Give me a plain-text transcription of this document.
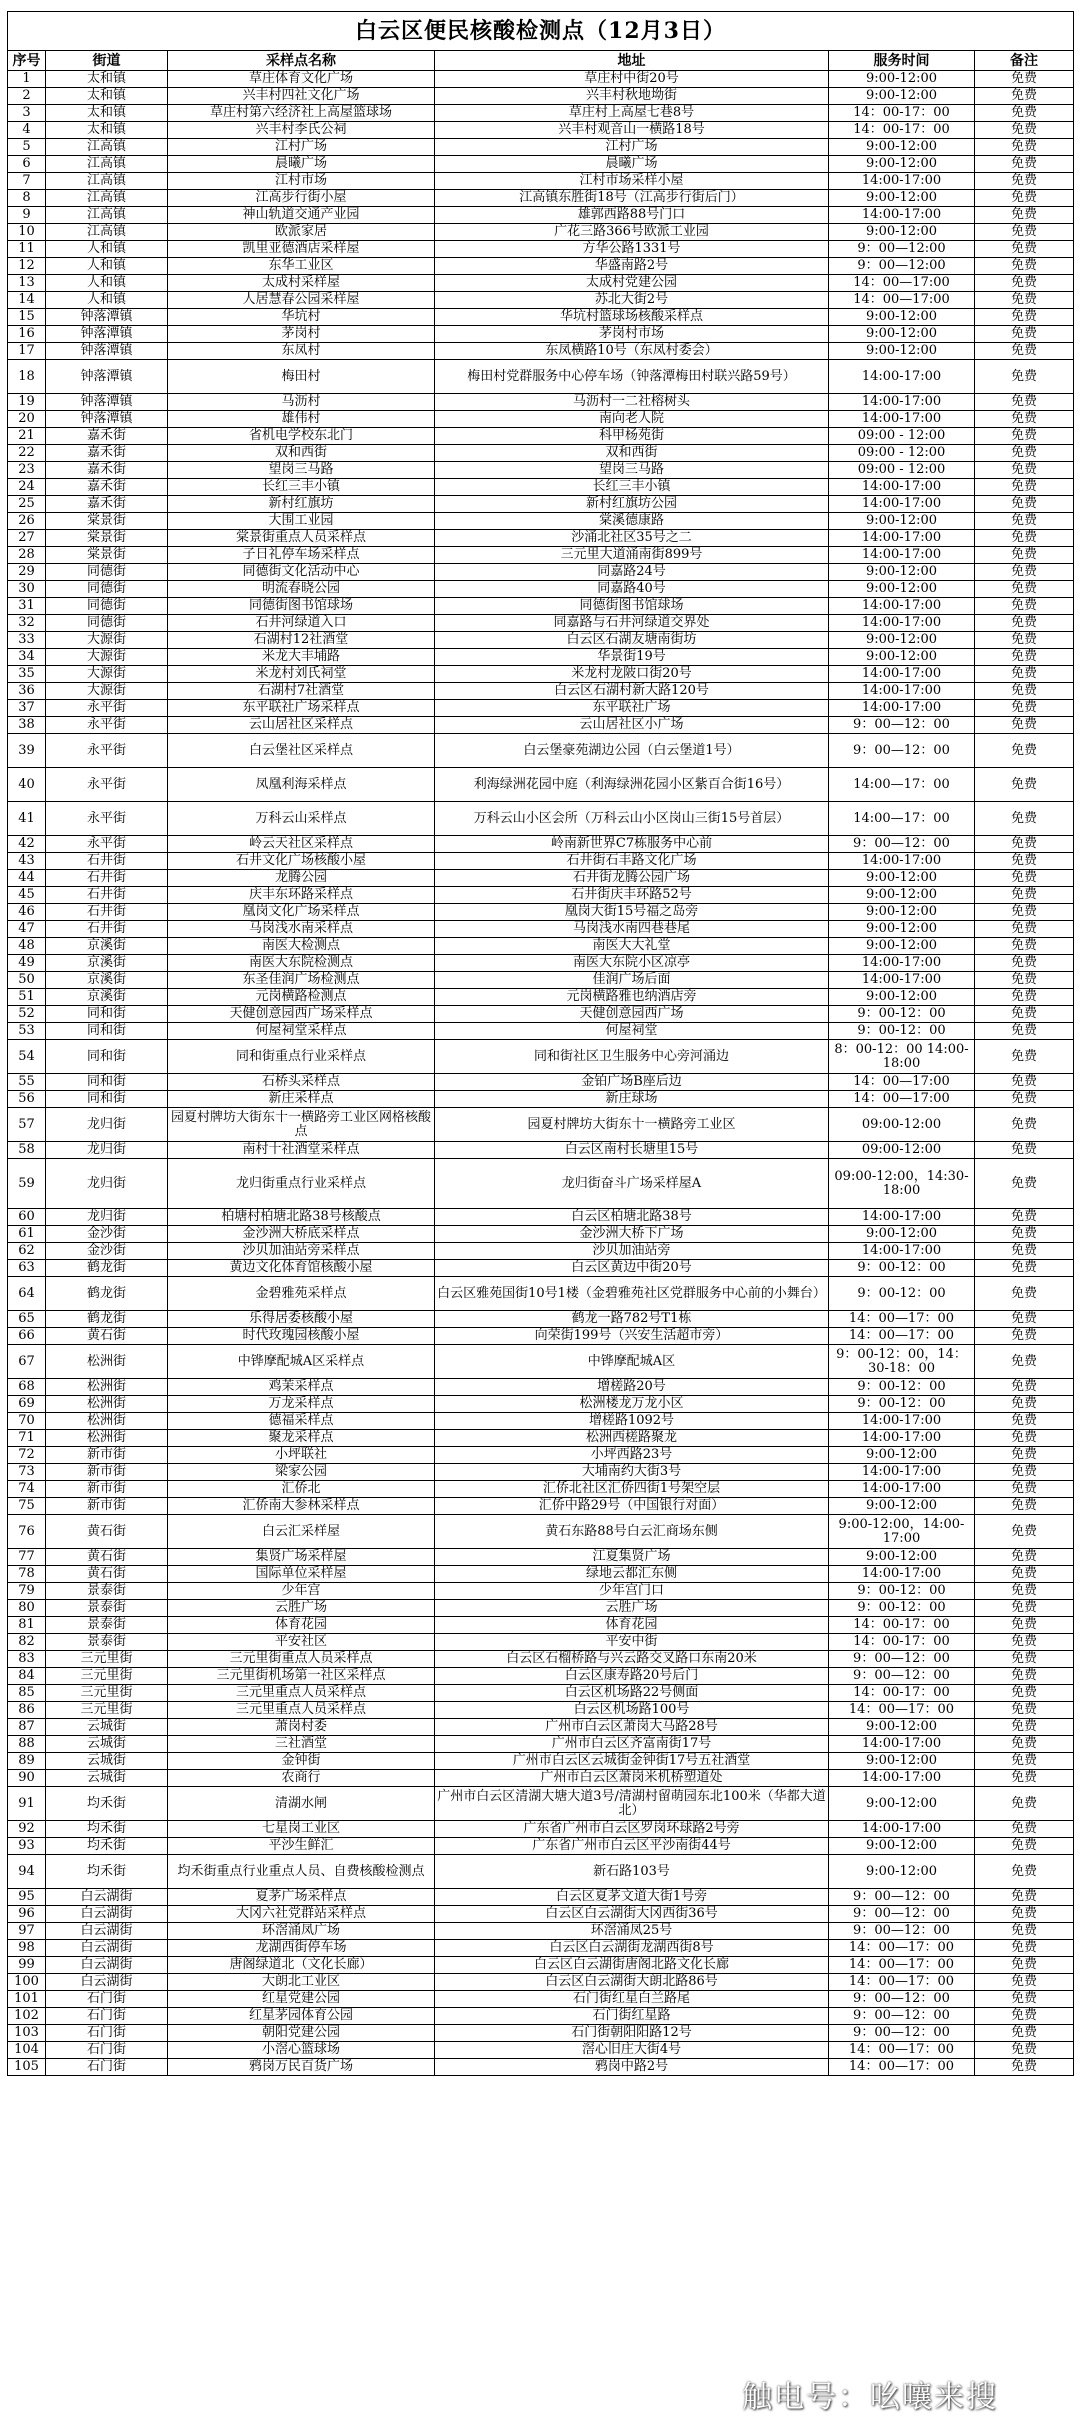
白云区便民核酸检测点（12月3日）					
序号	街道	采样点名称	地址	服务时间	备注
1	太和镇	草庄体育文化广场	草庄村中街20号	9:00-12:00	免费
2	太和镇	兴丰村四社文化广场	兴丰村秋地坳街	9:00-12:00	免费
3	太和镇	草庄村第六经济社上高屋篮球场	草庄村上高屋七巷8号	14：00-17：00	免费
4	太和镇	兴丰村李氏公祠	兴丰村观音山一横路18号	14：00-17：00	免费
5	江高镇	江村广场	江村广场	9:00-12:00	免费
6	江高镇	晨曦广场	晨曦广场	9:00-12:00	免费
7	江高镇	江村市场	江村市场采样小屋	14:00-17:00	免费
8	江高镇	江高步行街小屋	江高镇东胜街18号（江高步行街后门）	9:00-12:00	免费
9	江高镇	神山轨道交通产业园	雄郭西路88号门口	14:00-17:00	免费
10	江高镇	欧派家居	广花三路366号欧派工业园	9:00-12:00	免费
11	人和镇	凯里亚德酒店采样屋	方华公路1331号	9：00—12:00	免费
12	人和镇	东华工业区	华盛南路2号	9：00—12:00	免费
13	人和镇	太成村采样屋	太成村党建公园	14：00—17:00	免费
14	人和镇	人居慧春公园采样屋	苏北大街2号	14：00—17:00	免费
15	钟落潭镇	华坑村	华坑村篮球场核酸采样点	9:00-12:00	免费
16	钟落潭镇	茅岗村	茅岗村市场	9:00-12:00	免费
17	钟落潭镇	东凤村	东凤横路10号（东凤村委会）	9:00-12:00	免费
18	钟落潭镇	梅田村	梅田村党群服务中心停车场（钟落潭梅田村联兴路59号）	14:00-17:00	免费
19	钟落潭镇	马沥村	马沥村一二社榕树头	14:00-17:00	免费
20	钟落潭镇	雄伟村	南向老人院	14:00-17:00	免费
21	嘉禾街	省机电学校东北门	科甲杨苑街	09:00 - 12:00	免费
22	嘉禾街	双和西街	双和西街	09:00 - 12:00	免费
23	嘉禾街	望岗三马路	望岗三马路	09:00 - 12:00	免费
24	嘉禾街	长红三丰小镇	长红三丰小镇	14:00-17:00	免费
25	嘉禾街	新村红旗坊	新村红旗坊公园	14:00-17:00	免费
26	棠景街	大围工业园	棠溪德康路	9:00-12:00	免费
27	棠景街	棠景街重点人员采样点	沙涌北社区35号之二	14:00-17:00	免费
28	棠景街	子日礼停车场采样点	三元里大道涌南街899号	14:00-17:00	免费
29	同德街	同德街文化活动中心	同嘉路24号	9:00-12:00	免费
30	同德街	明流春晓公园	同嘉路40号	9:00-12:00	免费
31	同德街	同德街图书馆球场	同德街图书馆球场	14:00-17:00	免费
32	同德街	石井河绿道入口	同嘉路与石井河绿道交界处	14:00-17:00	免费
33	大源街	石湖村12社酒堂	白云区石湖友塘南街坊	9:00-12:00	免费
34	大源街	米龙大丰埔路	华景街19号	9:00-12:00	免费
35	大源街	米龙村刘氏祠堂	米龙村龙陂口街20号	14:00-17:00	免费
36	大源街	石湖村7社酒堂	白云区石湖村新大路120号	14:00-17:00	免费
37	永平街	东平联社广场采样点	东平联社广场	14:00-17:00	免费
38	永平街	云山居社区采样点	云山居社区小广场	9：00—12：00	免费
39	永平街	白云堡社区采样点	白云堡豪苑湖边公园（白云堡道1号）	9：00—12：00	免费
40	永平街	凤凰利海采样点	利海绿洲花园中庭（利海绿洲花园小区紫百合街16号）	14:00—17：00	免费
41	永平街	万科云山采样点	万科云山小区会所（万科云山小区岗山三街15号首层）	14:00—17：00	免费
42	永平街	岭云天社区采样点	岭南新世界C7栋服务中心前	9：00—12：00	免费
43	石井街	石井文化广场核酸小屋	石井街石丰路文化广场	14:00-17:00	免费
44	石井街	龙腾公园	石井街龙腾公园广场	9:00-12:00	免费
45	石井街	庆丰东环路采样点	石井街庆丰环路52号	9:00-12:00	免费
46	石井街	凰岗文化广场采样点	凰岗大街15号福之岛旁	9:00-12:00	免费
47	石井街	马岗浅水南采样点	马岗浅水南四巷巷尾	9:00-12:00	免费
48	京溪街	南医大检测点	南医大大礼堂	9:00-12:00	免费
49	京溪街	南医大东院检测点	南医大东院小区凉亭	14:00-17:00	免费
50	京溪街	东圣佳润广场检测点	佳润广场后面	14:00-17:00	免费
51	京溪街	元岗横路检测点	元岗横路雅也纳酒店旁	9:00-12:00	免费
52	同和街	天健创意园西广场采样点	天健创意园西广场	9：00-12：00	免费
53	同和街	何屋祠堂采样点	何屋祠堂	9：00-12：00	免费
54	同和街	同和街重点行业采样点	同和街社区卫生服务中心旁河涌边	8：00-12：00 14:00-18:00	免费
55	同和街	石桥头采样点	金铂广场B座后边	14：00—17:00	免费
56	同和街	新庄采样点	新庄球场	14：00—17:00	免费
57	龙归街	园夏村牌坊大街东十一横路旁工业区网格核酸点	园夏村牌坊大街东十一横路旁工业区	09:00-12:00	免费
58	龙归街	南村十社酒堂采样点	白云区南村长塘里15号	09:00-12:00	免费
59	龙归街	龙归街重点行业采样点	龙归街奋斗广场采样屋A	09:00-12:00，14:30-18:00	免费
60	龙归街	柏塘村柏塘北路38号核酸点	白云区柏塘北路38号	14:00-17:00	免费
61	金沙街	金沙洲大桥底采样点	金沙洲大桥下广场	9:00-12:00	免费
62	金沙街	沙贝加油站旁采样点	沙贝加油站旁	14:00-17:00	免费
63	鹤龙街	黄边文化体育馆核酸小屋	白云区黄边中街20号	9：00-12：00	免费
64	鹤龙街	金碧雅苑采样点	白云区雅苑国街10号1楼（金碧雅苑社区党群服务中心前的小舞台）	9：00-12：00	免费
65	鹤龙街	乐得居委核酸小屋	鹤龙一路782号T1栋	14：00—17：00	免费
66	黄石街	时代玫瑰园核酸小屋	向荣街199号（兴安生活超市旁）	14：00—17：00	免费
67	松洲街	中铧摩配城A区采样点	中铧摩配城A区	9：00-12：00，14：30-18：00	免费
68	松洲街	鸡茉采样点	增槎路20号	9：00-12：00	免费
69	松洲街	万龙采样点	松洲楼龙万龙小区	9：00-12：00	免费
70	松洲街	德福采样点	增槎路1092号	14:00-17:00	免费
71	松洲街	聚龙采样点	松洲西槎路聚龙	14:00-17:00	免费
72	新市街	小坪联社	小坪西路23号	9:00-12:00	免费
73	新市街	梁家公园	大埔南约大街3号	14:00-17:00	免费
74	新市街	汇侨北	汇侨北社区汇侨四街1号架空层	14:00-17:00	免费
75	新市街	汇侨南大参林采样点	汇侨中路29号（中国银行对面）	9:00-12:00	免费
76	黄石街	白云汇采样屋	黄石东路88号白云汇商场东侧	9:00-12:00，14:00-17:00	免费
77	黄石街	集贤广场采样屋	江夏集贤广场	9:00-12:00	免费
78	黄石街	国际单位采样屋	绿地云都汇东侧	14:00-17:00	免费
79	景泰街	少年宫	少年宫门口	9：00-12：00	免费
80	景泰街	云胜广场	云胜广场	9：00-12：00	免费
81	景泰街	体育花园	体育花园	14：00-17：00	免费
82	景泰街	平安社区	平安中街	14：00-17：00	免费
83	三元里街	三元里街重点人员采样点	白云区石榴桥路与兴云路交叉路口东南20米	9：00—12：00	免费
84	三元里街	三元里街机场第一社区采样点	白云区康寿路20号后门	9：00—12：00	免费
85	三元里街	三元里重点人员采样点	白云区机场路22号侧面	14：00-17：00	免费
86	三元里街	三元里重点人员采样点	白云区机场路100号	14：00—17：00	免费
87	云城街	萧岗村委	广州市白云区萧岗大马路28号	9:00-12:00	免费
88	云城街	三社酒堂	广州市白云区齐富南街17号	14:00-17:00	免费
89	云城街	金钟街	广州市白云区云城街金钟街17号五社酒堂	9:00-12:00	免费
90	云城街	农商行	广州市白云区萧岗米机桥塑道处	14:00-17:00	免费
91	均禾街	清湖水闸	广州市白云区清湖大塘大道3号/清湖村留萌园东北100米（华都大道北）	9:00-12:00	免费
92	均禾街	七星岗工业区	广东省广州市白云区罗岗环球路2号旁	14:00-17:00	免费
93	均禾街	平沙生鲜汇	广东省广州市白云区平沙南街44号	9:00-12:00	免费
94	均禾街	均禾街重点行业重点人员、自费核酸检测点	新石路103号	9:00-12:00	免费
95	白云湖街	夏茅广场采样点	白云区夏茅文道大街1号旁	9：00—12：00	免费
96	白云湖街	大冈六社党群站采样点	白云区白云湖街大冈西街36号	9：00—12：00	免费
97	白云湖街	环滘涌凤广场	环滘涌凤25号	9：00—12：00	免费
98	白云湖街	龙湖西街停车场	白云区白云湖街龙湖西街8号	14：00—17：00	免费
99	白云湖街	唐阁绿道北（文化长廊）	白云区白云湖街唐阁北路文化长廊	14：00—17：00	免费
100	白云湖街	大朗北工业区	白云区白云湖街大朗北路86号	14：00—17：00	免费
101	石门街	红星党建公园	石门街红星白兰路尾	9：00—12：00	免费
102	石门街	红星茅园体育公园	石门街红星路	9：00—12：00	免费
103	石门街	朝阳党建公园	石门街朝阳阳路12号	9：00—12：00	免费
104	石门街	小滘心篮球场	滘心旧庄大街4号	14：00—17：00	免费
105	石门街	鸦岗万民百货广场	鸦岗中路2号	14：00—17：00	免费
触电号：吆嚷来搜
